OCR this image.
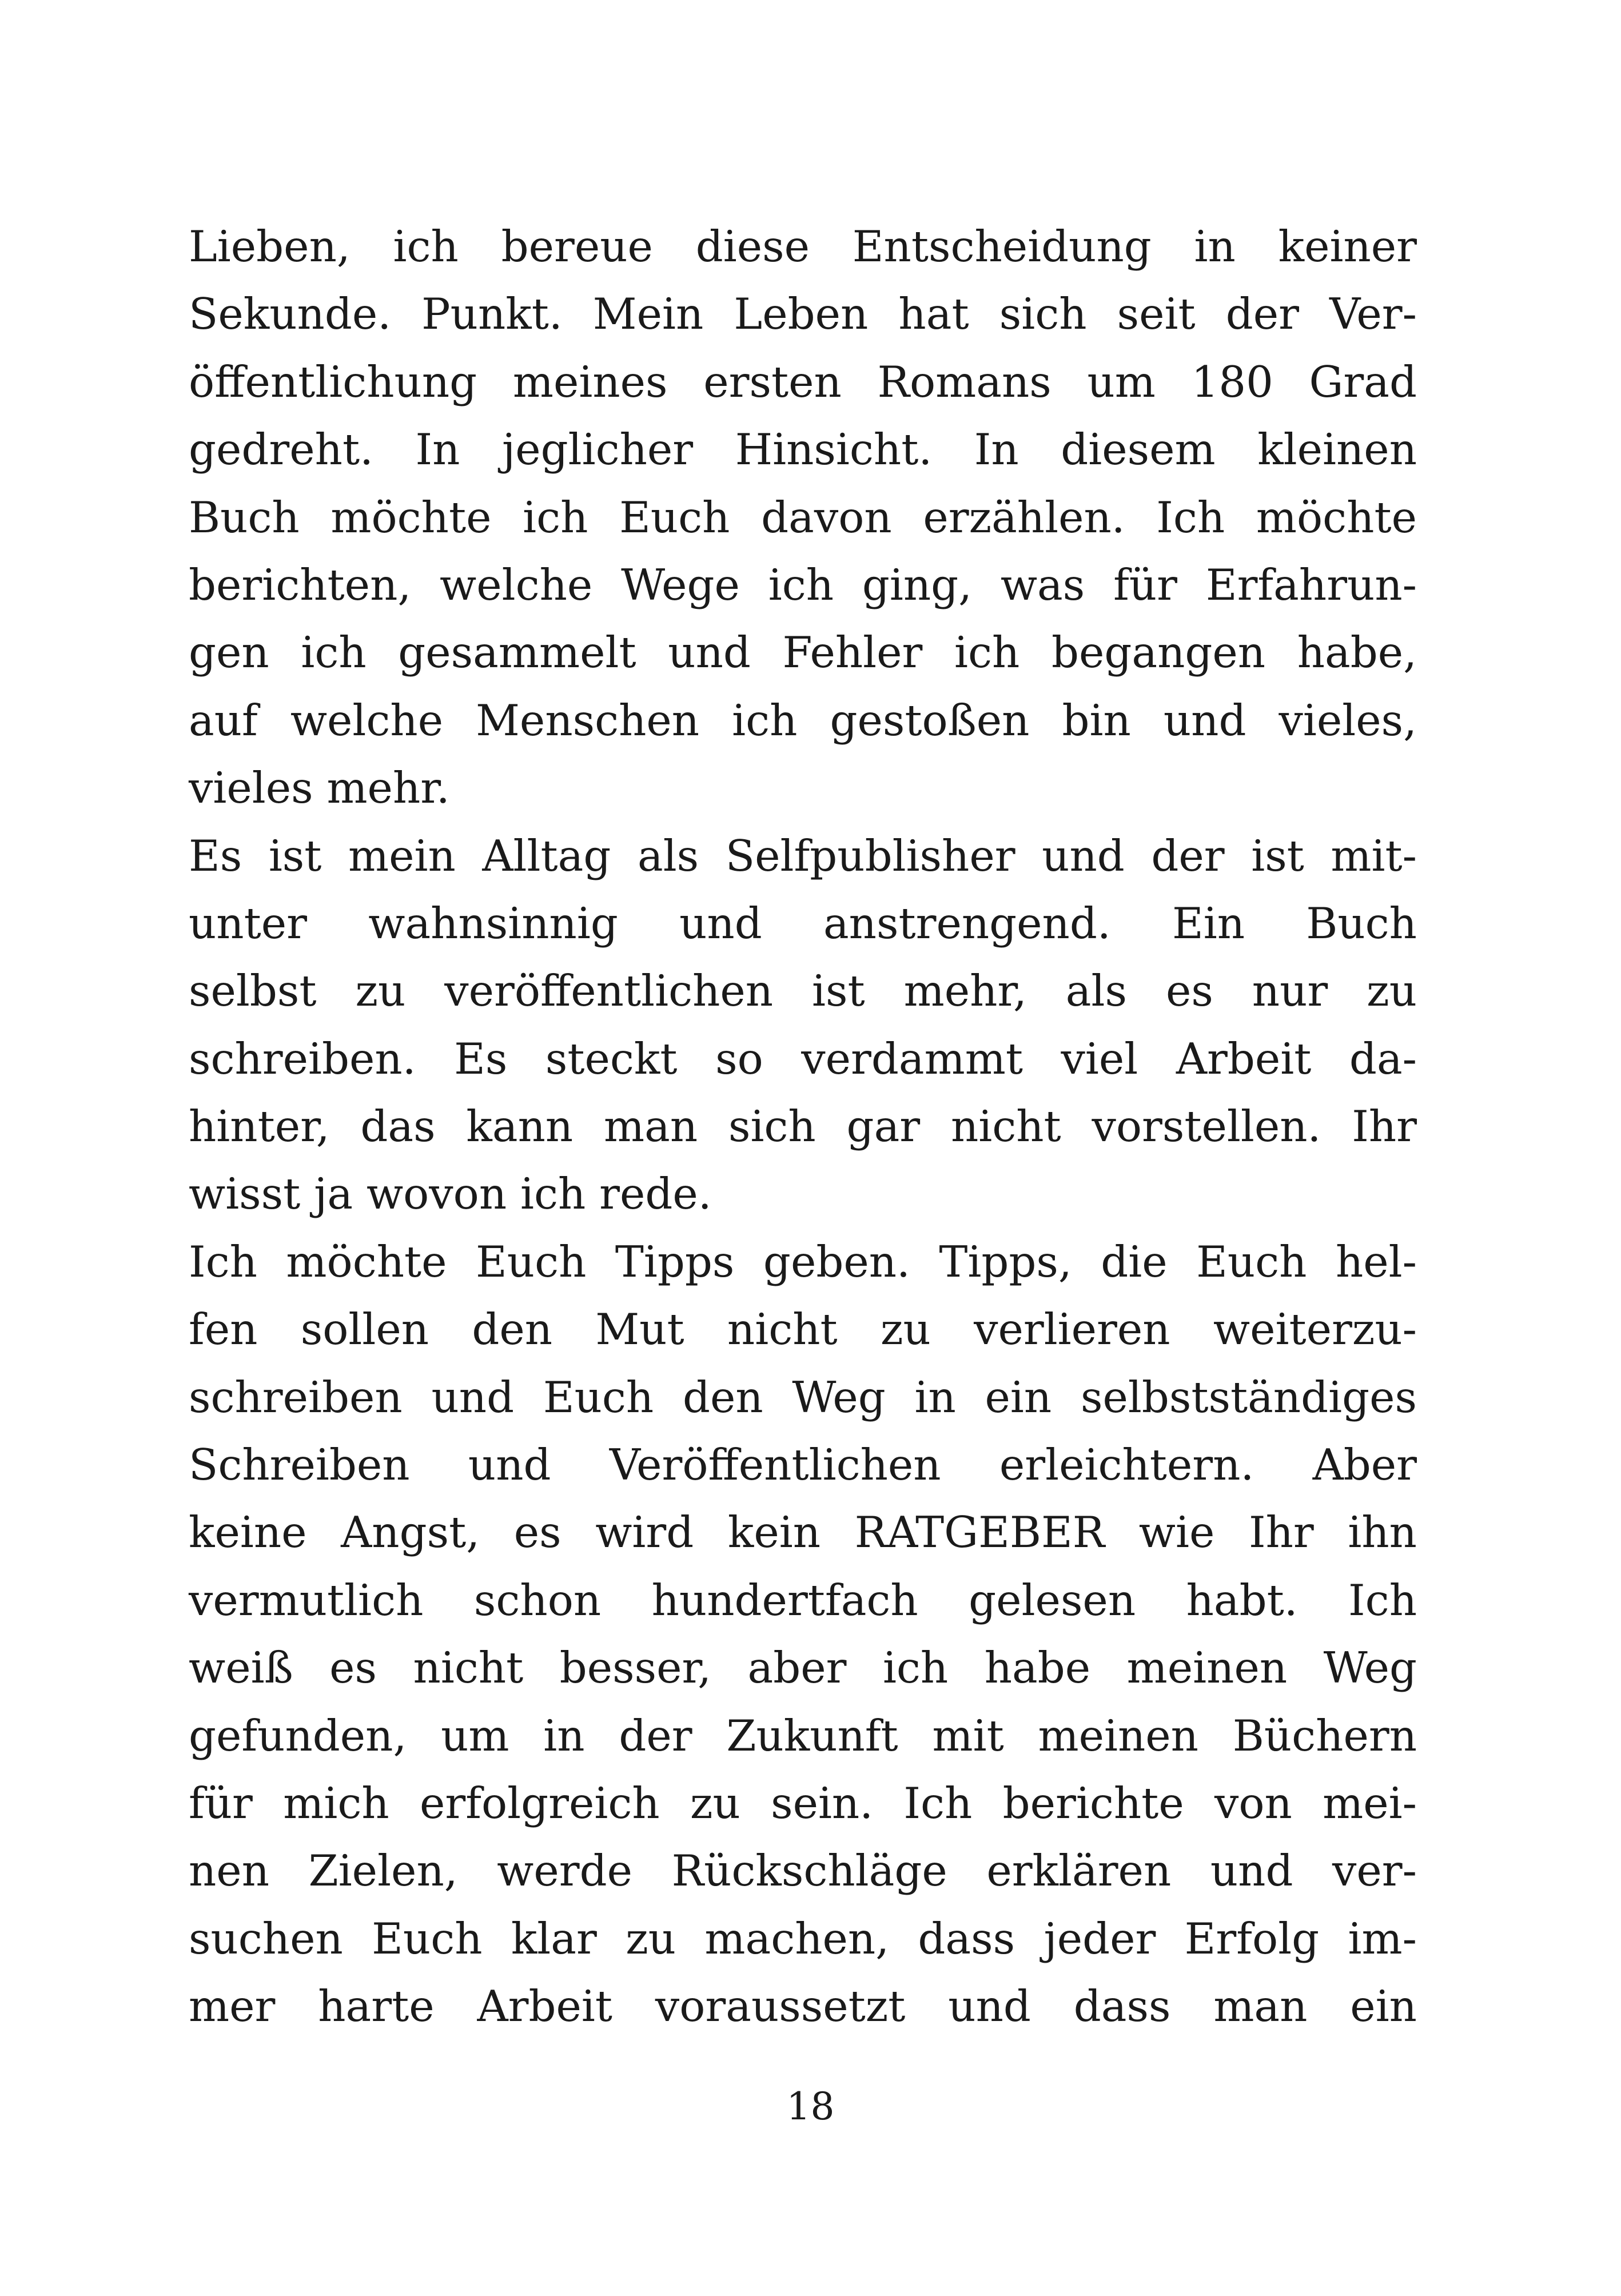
Lieben, ich bereue diese Entscheidung in keiner
Sekunde. Punkt. Mein Leben hat sich seit der Ver-
öffentlichung meines ersten Romans um 180 Grad
gedreht. In jeglicher Hinsicht. In diesem kleinen
Buch möchte ich Euch davon erzählen. Ich möchte
berichten, welche Wege ich ging, was für Erfahrun-
gen ich gesammelt und Fehler ich begangen habe,
auf welche Menschen ich gestoßen bin und vieles,
vieles mehr.
Es ist mein Alltag als Selfpublisher und der ist mit-
unter wahnsinnig und anstrengend. Ein Buch
selbst zu veröffentlichen ist mehr, als es nur zu
schreiben. Es steckt so verdammt viel Arbeit da-
hinter, das kann man sich gar nicht vorstellen. Ihr
wisst ja wovon ich rede.
Ich möchte Euch Tipps geben. Tipps, die Euch hel-
fen sollen den Mut nicht zu verlieren weiterzu-
schreiben und Euch den Weg in ein selbstständiges
Schreiben und Veröffentlichen erleichtern. Aber
keine Angst, es wird kein RATGEBER wie Ihr ihn
vermutlich schon hundertfach gelesen habt. Ich
weiß es nicht besser, aber ich habe meinen Weg
gefunden, um in der Zukunft mit meinen Büchern
für mich erfolgreich zu sein. Ich berichte von mei-
nen Zielen, werde Rückschläge erklären und ver-
suchen Euch klar zu machen, dass jeder Erfolg im-
mer harte Arbeit voraussetzt und dass man ein
18
